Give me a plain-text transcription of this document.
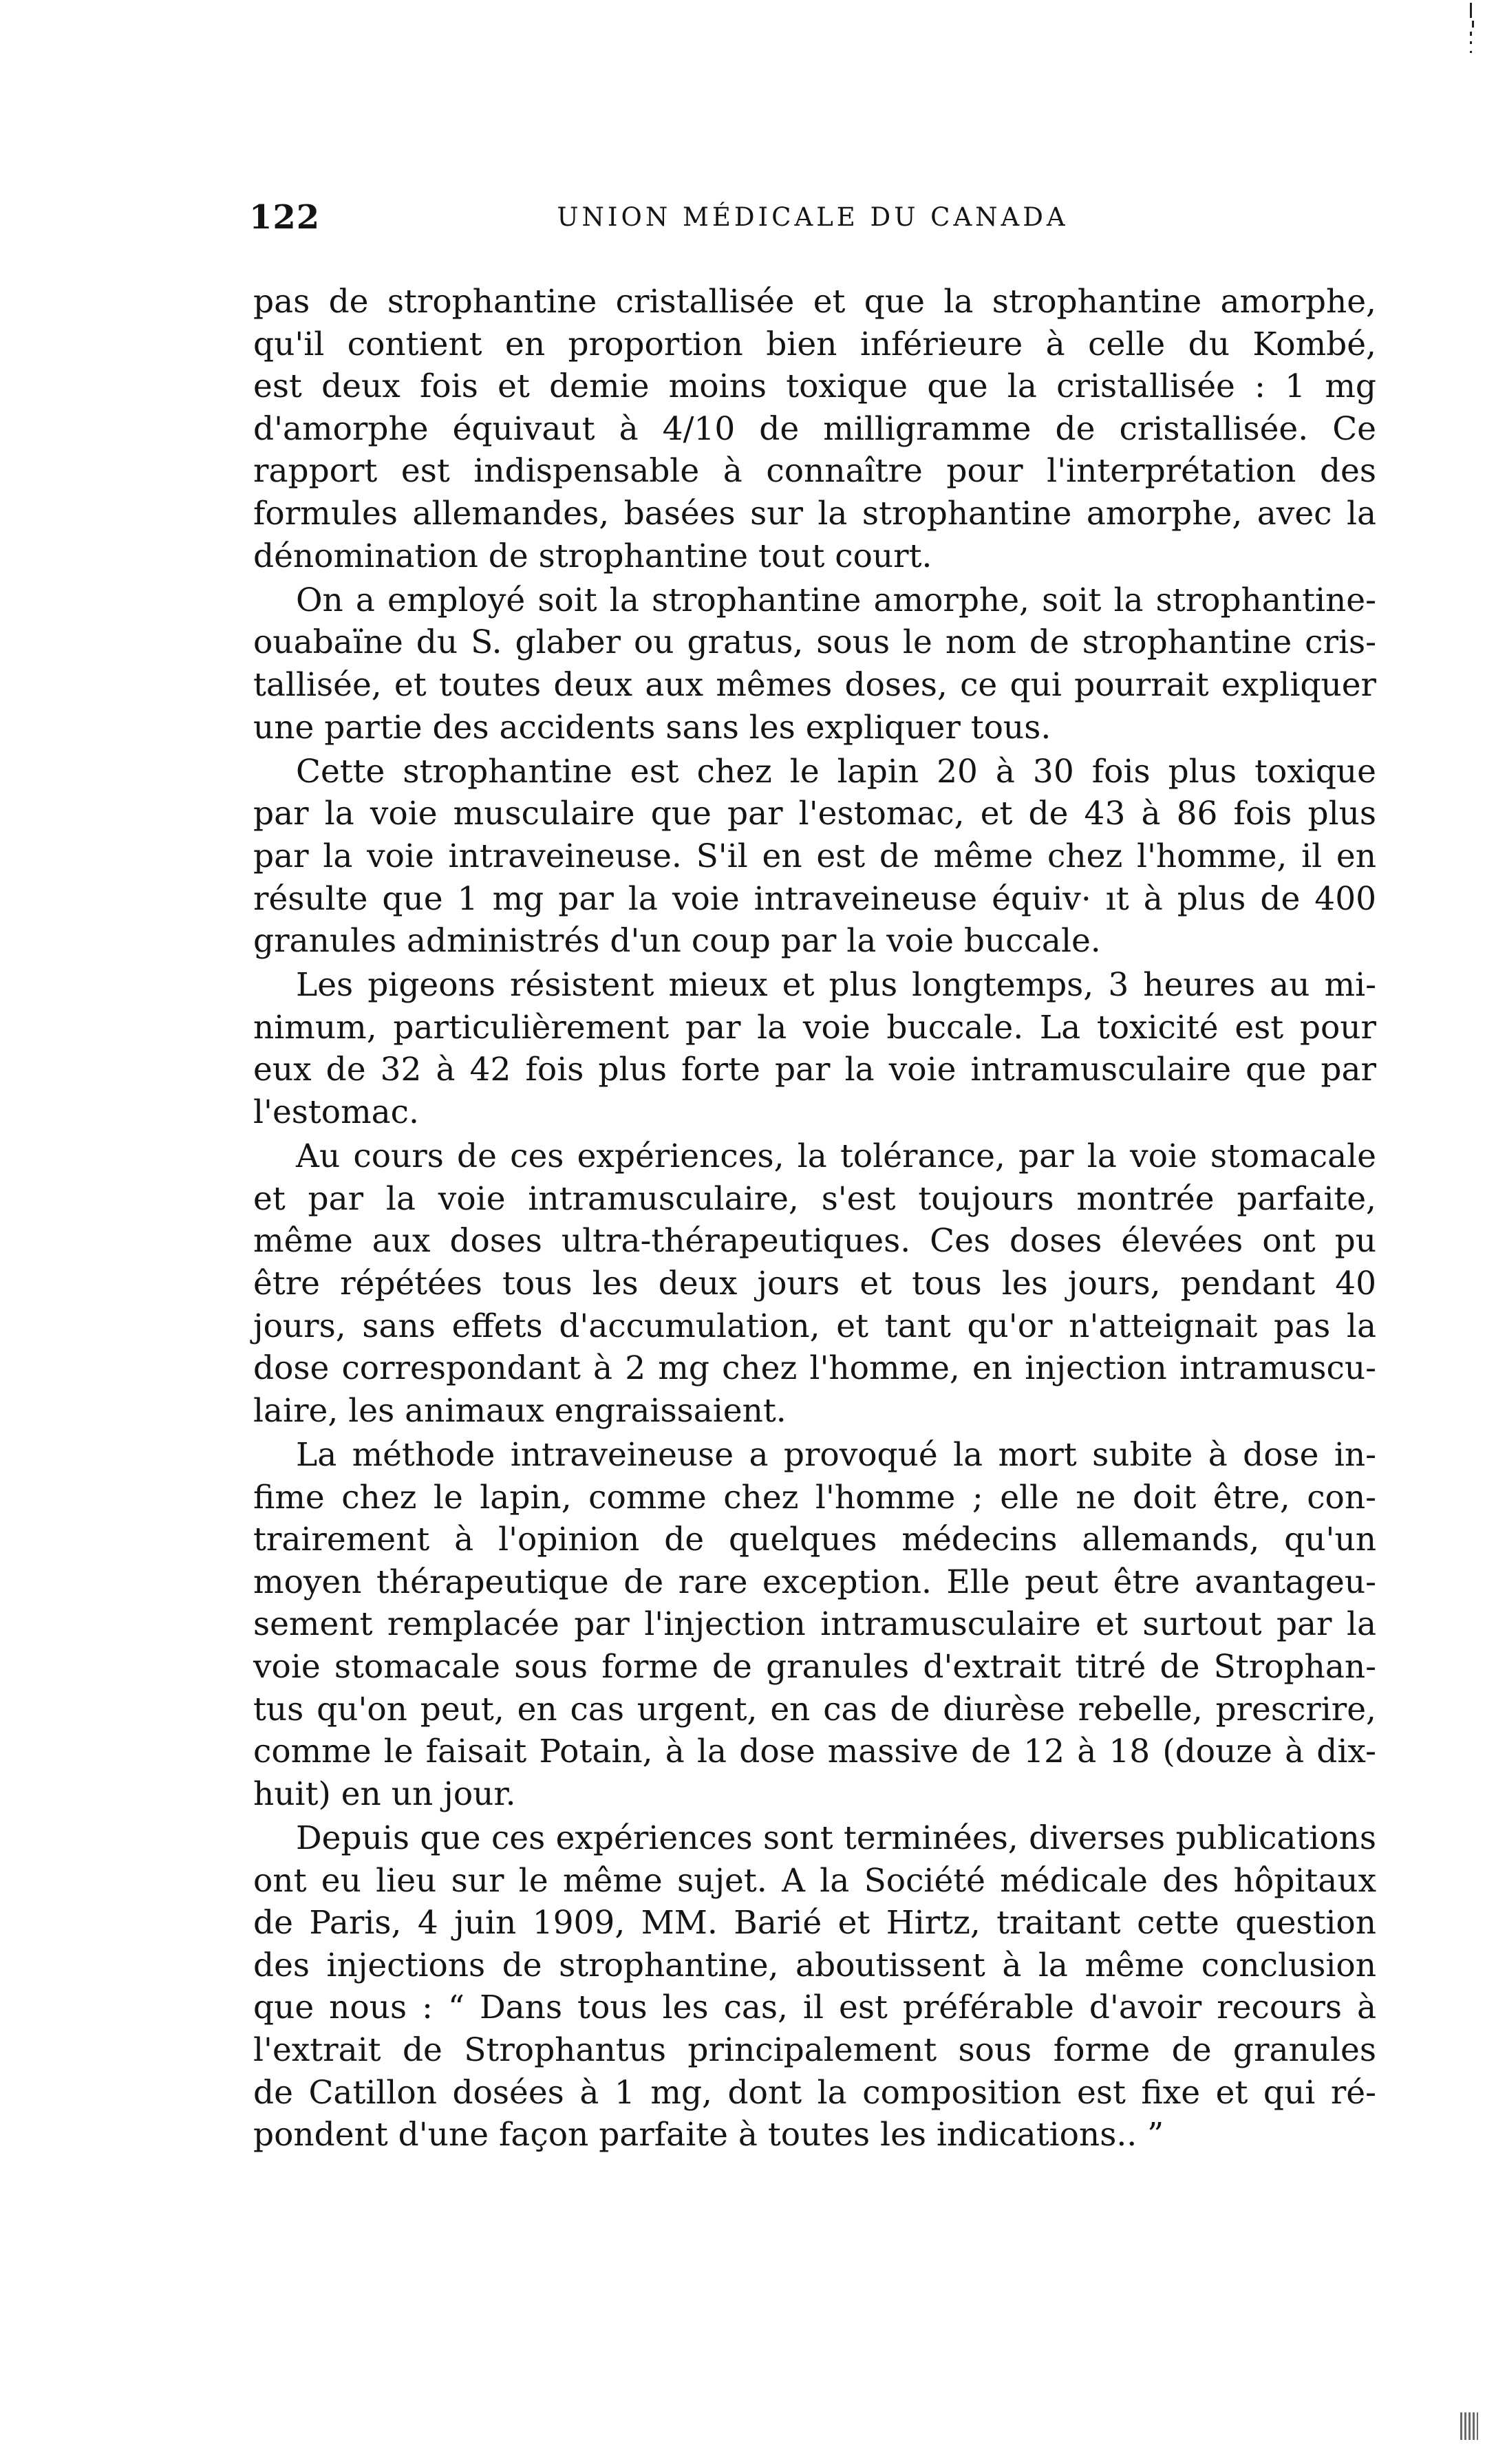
122	UNION MÉDICALE DU CANADA
pas de strophantine cristallisée et que la strophantine amorphe,
qu'il contient en proportion bien inférieure à celle du Kombé,
est deux fois et demie moins toxique que la cristallisée : 1 mg
d'amorphe équivaut à 4/10 de milligramme de cristallisée. Ce
rapport est indispensable à connaître pour l'interprétation des
formules allemandes, basées sur la strophantine amorphe, avec la
dénomination de strophantine tout court.
On a employé soit la strophantine amorphe, soit la strophantine-
ouabaïne du S. glaber ou gratus, sous le nom de strophantine cris-
tallisée, et toutes deux aux mêmes doses, ce qui pourrait expliquer
une partie des accidents sans les expliquer tous.
Cette strophantine est chez le lapin 20 à 30 fois plus toxique
par la voie musculaire que par l'estomac, et de 43 à 86 fois plus
par la voie intraveineuse. S'il en est de même chez l'homme, il en
résulte que 1 mg par la voie intraveineuse équiv· ıt à plus de 400
granules administrés d'un coup par la voie buccale.
Les pigeons résistent mieux et plus longtemps, 3 heures au mi-
nimum, particulièrement par la voie buccale. La toxicité est pour
eux de 32 à 42 fois plus forte par la voie intramusculaire que par
l'estomac.
Au cours de ces expériences, la tolérance, par la voie stomacale
et par la voie intramusculaire, s'est toujours montrée parfaite,
même aux doses ultra-thérapeutiques. Ces doses élevées ont pu
être répétées tous les deux jours et tous les jours, pendant 40
jours, sans effets d'accumulation, et tant qu'or n'atteignait pas la
dose correspondant à 2 mg chez l'homme, en injection intramuscu-
laire, les animaux engraissaient.
La méthode intraveineuse a provoqué la mort subite à dose in-
fime chez le lapin, comme chez l'homme ; elle ne doit être, con-
trairement à l'opinion de quelques médecins allemands, qu'un
moyen thérapeutique de rare exception. Elle peut être avantageu-
sement remplacée par l'injection intramusculaire et surtout par la
voie stomacale sous forme de granules d'extrait titré de Strophan-
tus qu'on peut, en cas urgent, en cas de diurèse rebelle, prescrire,
comme le faisait Potain, à la dose massive de 12 à 18 (douze à dix-
huit) en un jour.
Depuis que ces expériences sont terminées, diverses publications
ont eu lieu sur le même sujet. A la Société médicale des hôpitaux
de Paris, 4 juin 1909, MM. Barié et Hirtz, traitant cette question
des injections de strophantine, aboutissent à la même conclusion
que nous : “ Dans tous les cas, il est préférable d'avoir recours à
l'extrait de Strophantus principalement sous forme de granules
de Catillon dosées à 1 mg, dont la composition est fixe et qui ré-
pondent d'une façon parfaite à toutes les indications.. ”
